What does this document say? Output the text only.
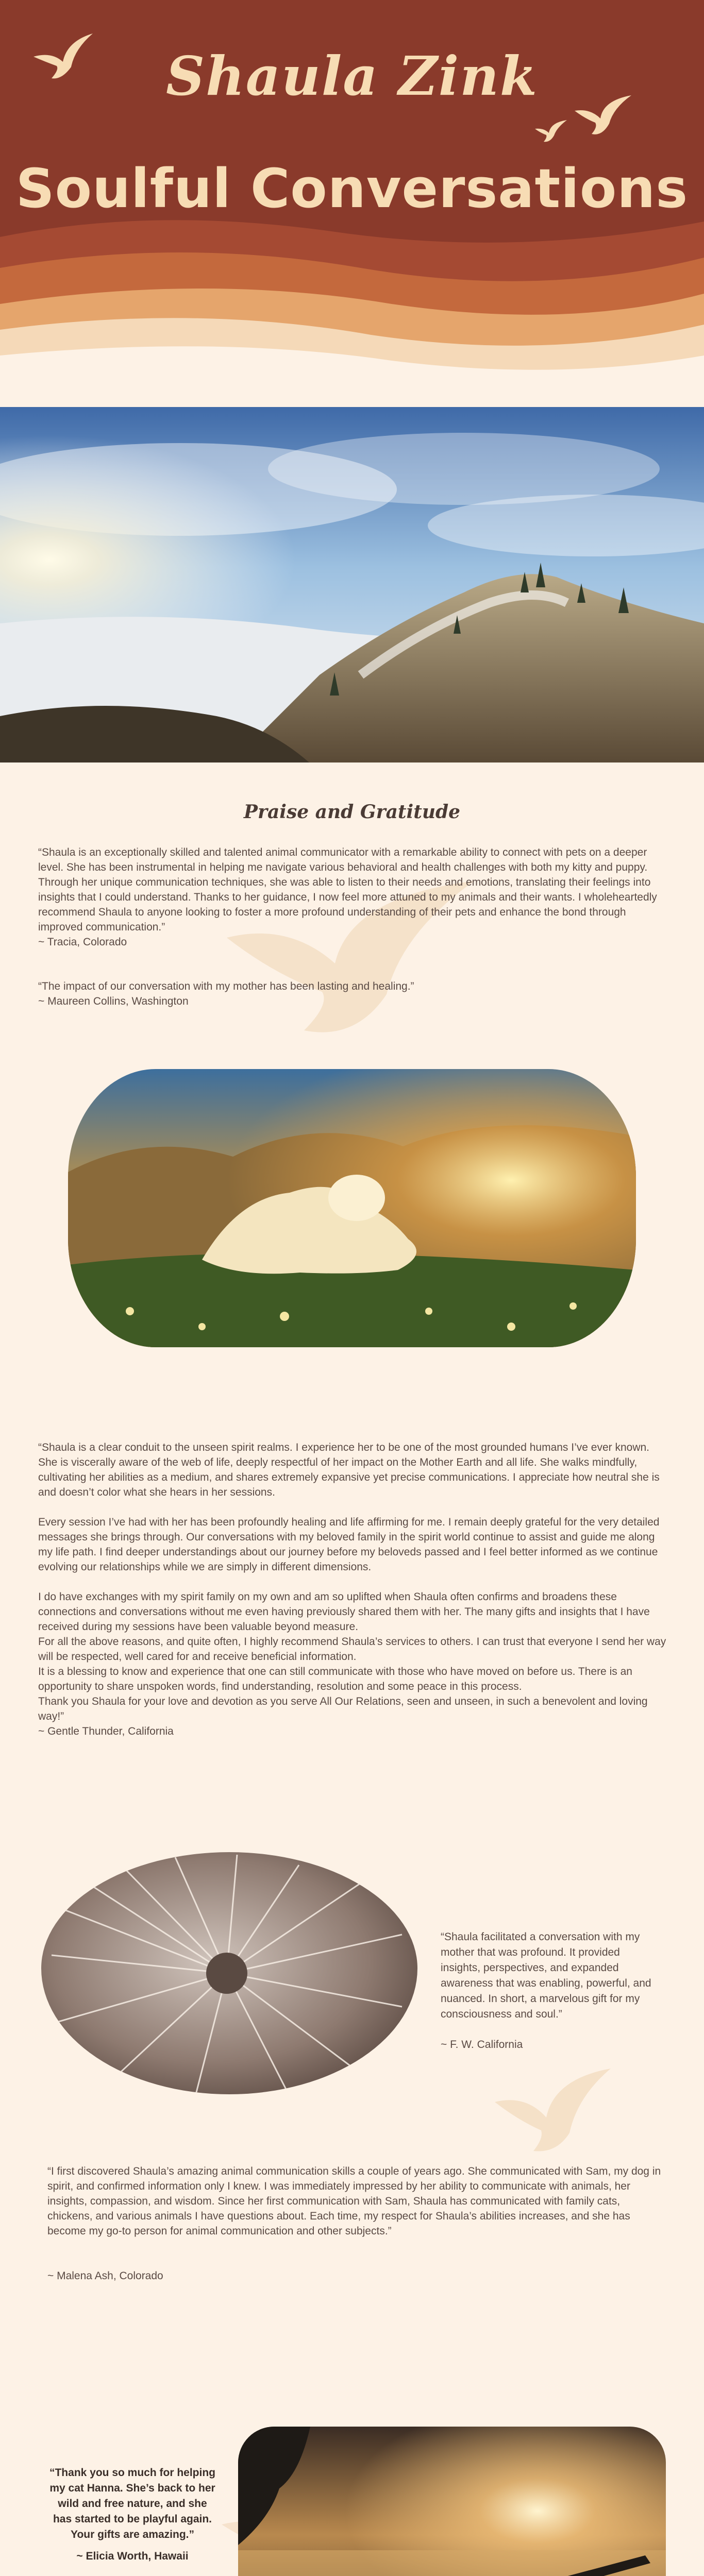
Shaula Zink
Soulful Conversations
Praise and Gratitude

“Shaula is an exceptionally skilled and talented animal communicator with a remarkable ability to connect with pets on a deeper level. She has been instrumental in helping me navigate various behavioral and health challenges with both my kitty and puppy. Through her unique communication techniques, she was able to listen to their needs and emotions, translating their feelings into insights that I could understand. Thanks to her guidance, I now feel more attuned to my animals and their wants. I wholeheartedly recommend Shaula to anyone looking to foster a more profound understanding of their pets and enhance the bond through improved communication.”

~ Tracia, Colorado

“The impact of our conversation with my mother has been lasting and healing.”

~ Maureen Collins, Washington

“Shaula is a clear conduit to the unseen spirit realms. I experience her to be one of the most grounded humans I’ve ever known. She is viscerally aware of the web of life, deeply respectful of her impact on the Mother Earth and all life. She walks mindfully, cultivating her abilities as a medium, and shares extremely expansive yet precise communications. I appreciate how neutral she is and doesn’t color what she hears in her sessions.

Every session I’ve had with her has been profoundly healing and life affirming for me. I remain deeply grateful for the very detailed messages she brings through. Our conversations with my beloved family in the spirit world continue to assist and guide me along my life path. I find deeper understandings about our journey before my beloveds passed and I feel better informed as we continue evolving our relationships while we are simply in different dimensions.

I do have exchanges with my spirit family on my own and am so uplifted when Shaula often confirms and broadens these connections and conversations without me even having previously shared them with her. The many gifts and insights that I have received during my sessions have been valuable beyond measure.

For all the above reasons, and quite often, I highly recommend Shaula’s services to others. I can trust that everyone I send her way will be respected, well cared for and receive beneficial information.

It is a blessing to know and experience that one can still communicate with those who have moved on before us. There is an opportunity to share unspoken words, find understanding, resolution and some peace in this process.

Thank you Shaula for your love and devotion as you serve All Our Relations, seen and unseen, in such a benevolent and loving way!”

~ Gentle Thunder, California

“Shaula facilitated a conversation with my mother that was profound. It provided insights, perspectives, and expanded awareness that was enabling, powerful, and nuanced. In short, a marvelous gift for my consciousness and soul.”

~ F. W. California

“I first discovered Shaula’s amazing animal communication skills a couple of years ago. She communicated with Sam, my dog in spirit, and confirmed information only I knew. I was immediately impressed by her ability to communicate with animals, her insights, compassion, and wisdom. Since her first communication with Sam, Shaula has communicated with family cats, chickens, and various animals I have questions about. Each time, my respect for Shaula’s abilities increases, and she has become my go-to person for animal communication and other subjects.”

~ Malena Ash, Colorado

“Thank you so much for helping my cat Hanna. She’s back to her wild and free nature, and she has started to be playful again. Your gifts are amazing.”

~ Elicia Worth, Hawaii
